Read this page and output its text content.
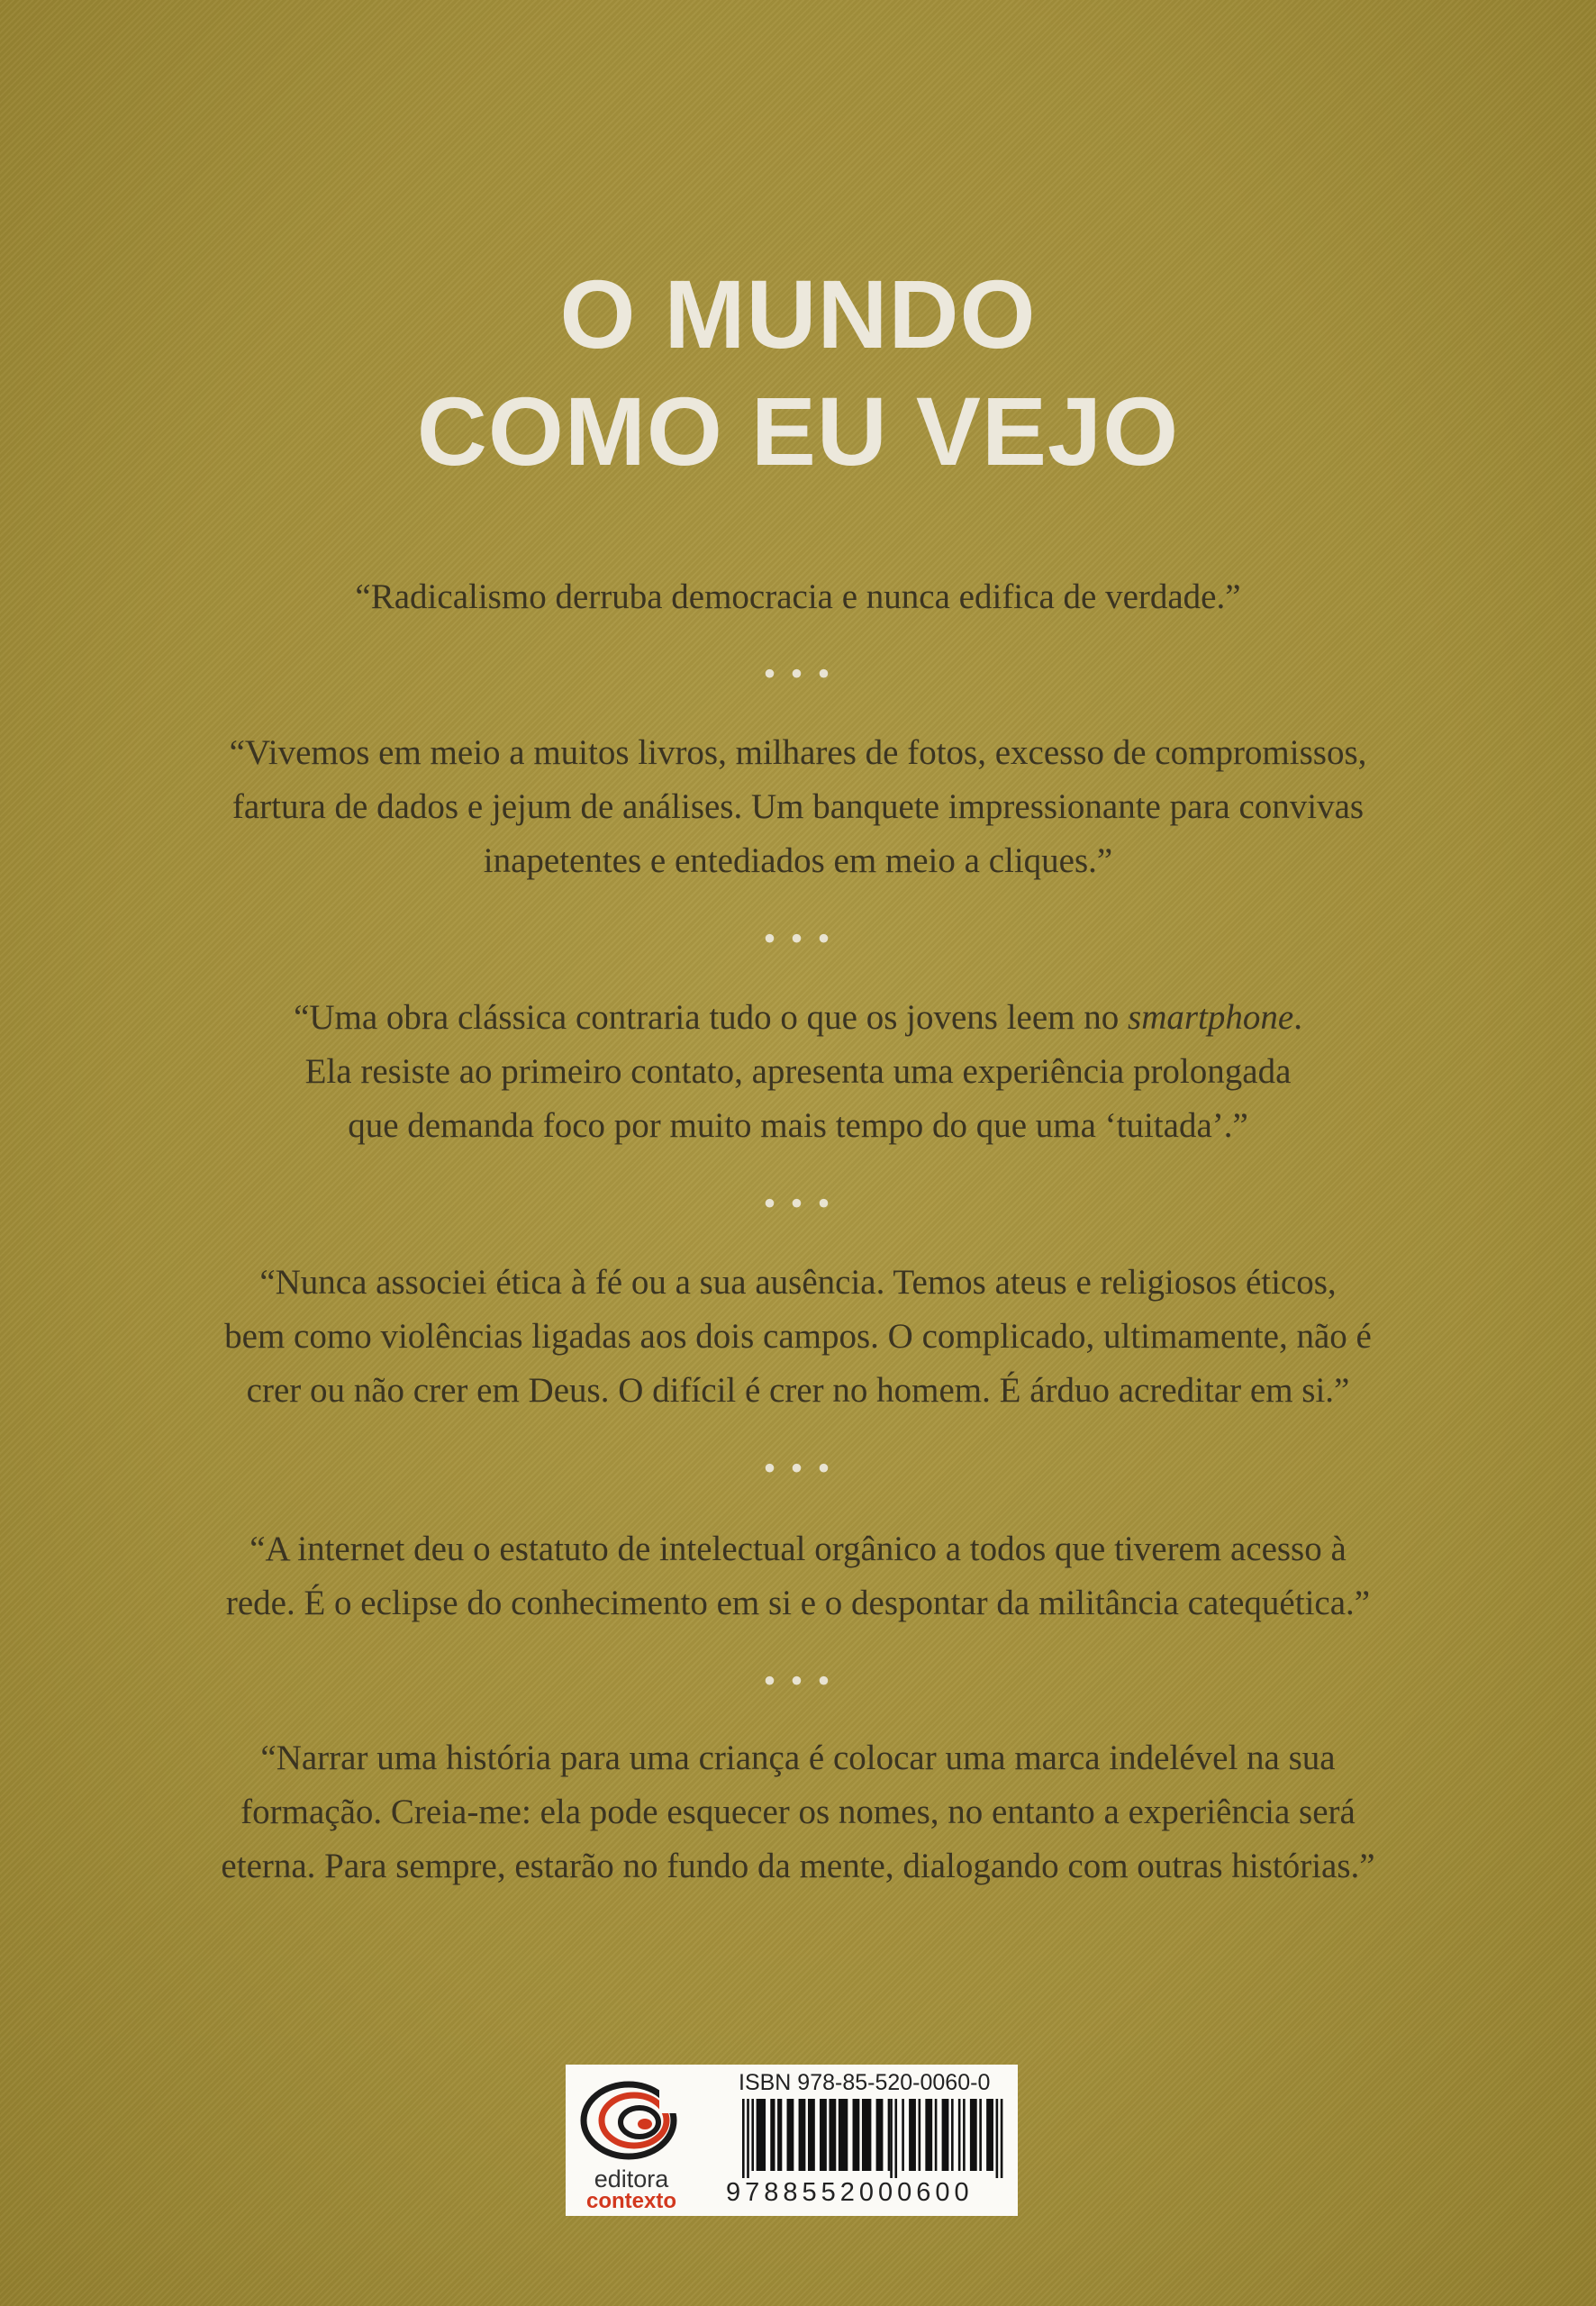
O MUNDO
COMO EU VEJO

“Radicalismo derruba democracia e nunca edifica de verdade.”

• • •

“Vivemos em meio a muitos livros, milhares de fotos, excesso de compromissos,
fartura de dados e jejum de análises. Um banquete impressionante para convivas
inapetentes e entediados em meio a cliques.”

• • •

“Uma obra clássica contraria tudo o que os jovens leem no smartphone.
Ela resiste ao primeiro contato, apresenta uma experiência prolongada
que demanda foco por muito mais tempo do que uma ‘tuitada’.”

• • •

“Nunca associei ética à fé ou a sua ausência. Temos ateus e religiosos éticos,
bem como violências ligadas aos dois campos. O complicado, ultimamente, não é
crer ou não crer em Deus. O difícil é crer no homem. É árduo acreditar em si.”

• • •

“A internet deu o estatuto de intelectual orgânico a todos que tiverem acesso à
rede. É o eclipse do conhecimento em si e o despontar da militância catequética.”

• • •

“Narrar uma história para uma criança é colocar uma marca indelével na sua
formação. Creia-me: ela pode esquecer os nomes, no entanto a experiência será
eterna. Para sempre, estarão no fundo da mente, dialogando com outras histórias.”

editora
contexto
ISBN 978-85-520-0060-0
9788552000600
